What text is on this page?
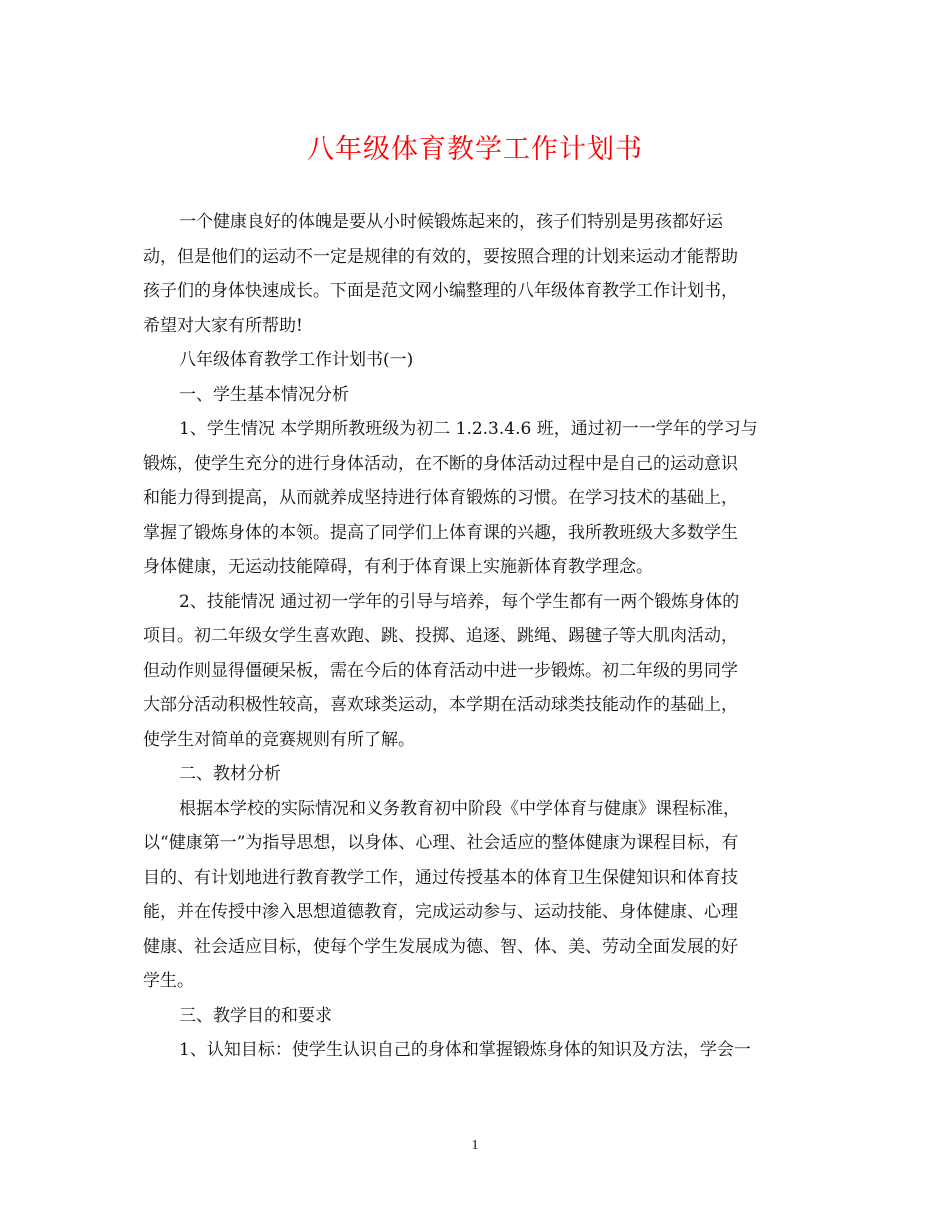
八年级体育教学工作计划书
一个健康良好的体魄是要从小时候锻炼起来的，孩子们特别是男孩都好运
动，但是他们的运动不一定是规律的有效的，要按照合理的计划来运动才能帮助
孩子们的身体快速成长。下面是范文网小编整理的八年级体育教学工作计划书，
希望对大家有所帮助!
八年级体育教学工作计划书(一)
一、学生基本情况分析
1、学生情况 本学期所教班级为初二 1.2.3.4.6 班，通过初一一学年的学习与
锻炼，使学生充分的进行身体活动，在不断的身体活动过程中是自己的运动意识
和能力得到提高，从而就养成坚持进行体育锻炼的习惯。在学习技术的基础上，
掌握了锻炼身体的本领。提高了同学们上体育课的兴趣，我所教班级大多数学生
身体健康，无运动技能障碍，有利于体育课上实施新体育教学理念。
2、技能情况 通过初一学年的引导与培养，每个学生都有一两个锻炼身体的
项目。初二年级女学生喜欢跑、跳、投掷、追逐、跳绳、踢毽子等大肌肉活动，
但动作则显得僵硬呆板，需在今后的体育活动中进一步锻炼。初二年级的男同学
大部分活动积极性较高，喜欢球类运动，本学期在活动球类技能动作的基础上，
使学生对简单的竞赛规则有所了解。
二、教材分析
根据本学校的实际情况和义务教育初中阶段《中学体育与健康》课程标准，
以“健康第一”为指导思想，以身体、心理、社会适应的整体健康为课程目标，有
目的、有计划地进行教育教学工作，通过传授基本的体育卫生保健知识和体育技
能，并在传授中渗入思想道德教育，完成运动参与、运动技能、身体健康、心理
健康、社会适应目标，使每个学生发展成为德、智、体、美、劳动全面发展的好
学生。
三、教学目的和要求
1、认知目标：使学生认识自己的身体和掌握锻炼身体的知识及方法，学会一
1
